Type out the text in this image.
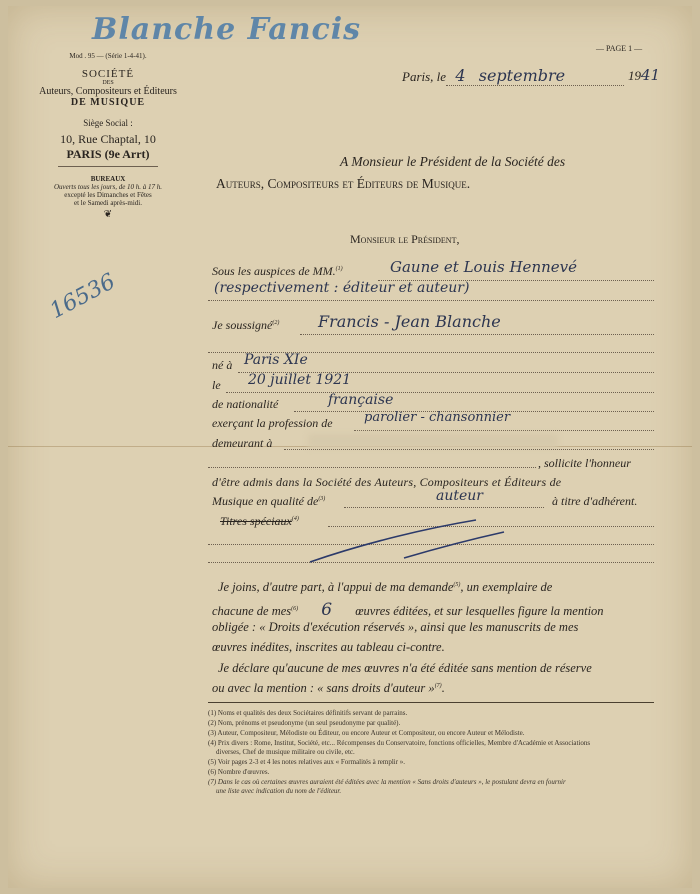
Blanche Fancis
— PAGE 1 —
Paris, le 4 septembre	1941
Mod . 95 — (Série 1-4-41).
SOCIÉTÉ
DES
Auteurs, Compositeurs et Éditeurs
DE MUSIQUE
Siège Social :
10, Rue Chaptal, 10
PARIS (9e Arrt)
BUREAUX
Ouverts tous les jours, de 10 h. à 17 h.
excepté les Dimanches et Fêtes
et le Samedi après-midi.
❦
16536
A Monsieur le Président de la Société des
Auteurs, Compositeurs et Éditeurs de Musique.
Monsieur le Président,
Sous les auspices de MM.$^{(1)}$	Gaune et Louis Hennevé
(respectivement : éditeur et auteur)
Je soussigné$^{(2)}$ Francis - Jean Blanche
né à Paris XIe
le 20 juillet 1921
de nationalité	française
exerçant la profession de parolier - chansonnier
demeurant à
, sollicite l'honneur
d'être admis dans la Société des Auteurs, Compositeurs et Éditeurs de
Musique en qualité $de^{(3)}$	auteur	à titre d'adhérent.
Titres spéciaux$^{(4)}$
Je joins, d'autre part, à l'appui de ma demande$^{(5)}$, un exemplaire de
chacune de mes$^{(6)}$ 6 œuvres éditées, et sur lesquelles figure la mention
obligée : « Droits d'exécution réservés », ainsi que les manuscrits de mes
œuvres inédites, inscrites au tableau ci-contre.
Je déclare qu'aucune de mes œuvres n'a été éditée sans mention de réserve
ou avec la mention : « sans droits d'auteur »$^{(7)}$.
(1) Noms et qualités des deux Sociétaires définitifs servant de parrains.
(2) Nom, prénoms et pseudonyme (un seul pseudonyme par qualité).
(3) Auteur, Compositeur, Mélodiste ou Éditeur, ou encore Auteur et Compositeur, ou encore Auteur et Mélodiste.
(4) Prix divers : Rome, Institut, Société, etc... Récompenses du Conservatoire, fonctions officielles, Membre d'Académie et Associations
diverses, Chef de musique militaire ou civile, etc.
(5) Voir pages 2-3 et 4 les notes relatives aux « Formalités à remplir ».
(6) Nombre d'œuvres.
(7) Dans le cas où certaines œuvres auraient été éditées avec la mention « Sans droits d'auteurs », le postulant devra en fournir
une liste avec indication du nom de l'éditeur.
